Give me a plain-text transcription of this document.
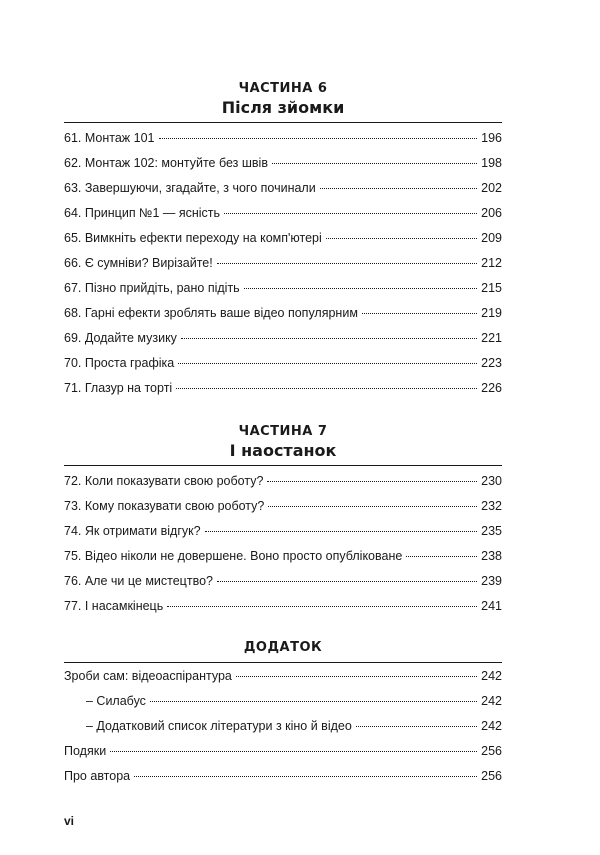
ЧАСТИНА 6
Після зйомки
61. Монтаж 101	196
62. Монтаж 102: монтуйте без швів	198
63. Завершуючи, згадайте, з чого починали	202
64. Принцип №1 — ясність	206
65. Вимкніть ефекти переходу на комп'ютері	209
66. Є сумніви? Вирізайте!	212
67. Пізно прийдіть, рано підіть	215
68. Гарні ефекти зроблять ваше відео популярним	219
69. Додайте музику	221
70. Проста графіка	223
71. Глазур на торті	226
ЧАСТИНА 7
І наостанок
72. Коли показувати свою роботу?	230
73. Кому показувати свою роботу?	232
74. Як отримати відгук?	235
75. Відео ніколи не довершене. Воно просто опубліковане	238
76. Але чи це мистецтво?	239
77. І насамкінець	241
ДОДАТОК
Зроби сам: відеоаспірантура	242
– Силабус	242
– Додатковий список літератури з кіно й відео	242
Подяки	256
Про автора	256
vi
